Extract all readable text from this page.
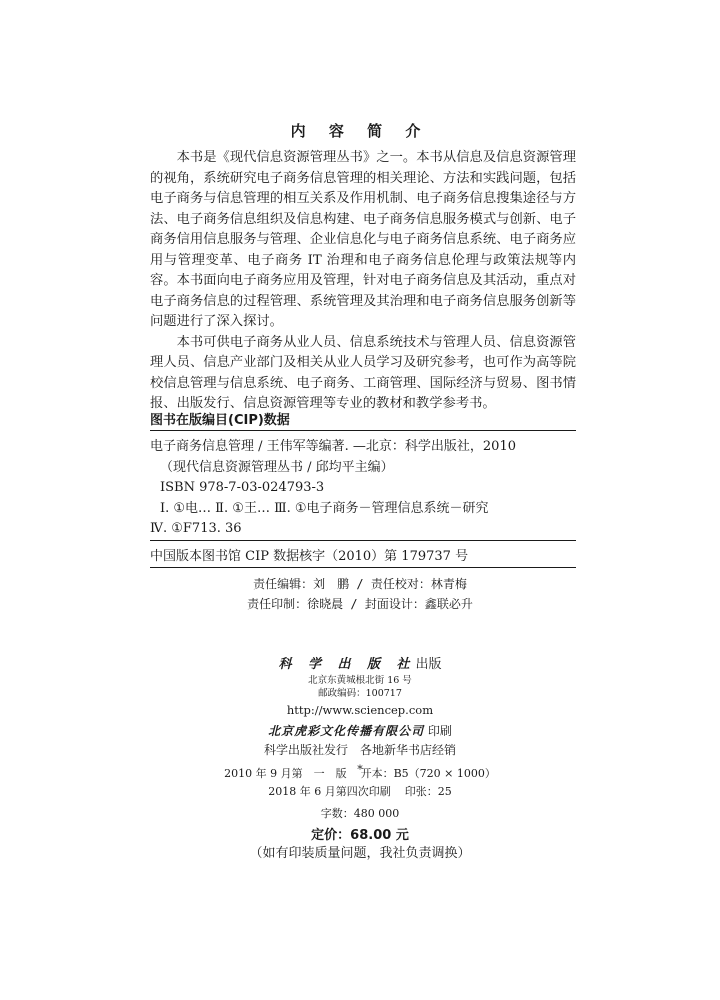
内 容 简 介

本书是《现代信息资源管理丛书》之一。本书从信息及信息资源管理的视角，系统研究电子商务信息管理的相关理论、方法和实践问题，包括电子商务与信息管理的相互关系及作用机制、电子商务信息搜集途径与方法、电子商务信息组织及信息构建、电子商务信息服务模式与创新、电子商务信用信息服务与管理、企业信息化与电子商务信息系统、电子商务应用与管理变革、电子商务 IT 治理和电子商务信息伦理与政策法规等内容。本书面向电子商务应用及管理，针对电子商务信息及其活动，重点对电子商务信息的过程管理、系统管理及其治理和电子商务信息服务创新等问题进行了深入探讨。

本书可供电子商务从业人员、信息系统技术与管理人员、信息资源管理人员、信息产业部门及相关从业人员学习及研究参考，也可作为高等院校信息管理与信息系统、电子商务、工商管理、国际经济与贸易、图书情报、出版发行、信息资源管理等专业的教材和教学参考书。

图书在版编目(CIP)数据
电子商务信息管理 / 王伟军等编著. —北京：科学出版社，2010
（现代信息资源管理丛书 / 邱均平主编）
ISBN 978-7-03-024793-3
Ⅰ. ①电… Ⅱ. ①王… Ⅲ. ①电子商务－管理信息系统－研究
Ⅳ. ①F713. 36
中国版本图书馆 CIP 数据核字（2010）第 179737 号
责任编辑：刘　鹏 / 责任校对：林青梅
责任印制：徐晓晨 / 封面设计：鑫联必升
科 学 出 版 社出版
北京东黄城根北街 16 号
邮政编码：100717
http://www.sciencep.com
北京虎彩文化传播有限公司 印刷
科学出版社发行　各地新华书店经销
*
2010 年 9 月第　一　版 开本：B5（720 × 1000）
2018 年 6 月第四次印刷 印张：25
字数：480 000
定价：68.00 元
（如有印装质量问题，我社负责调换）
